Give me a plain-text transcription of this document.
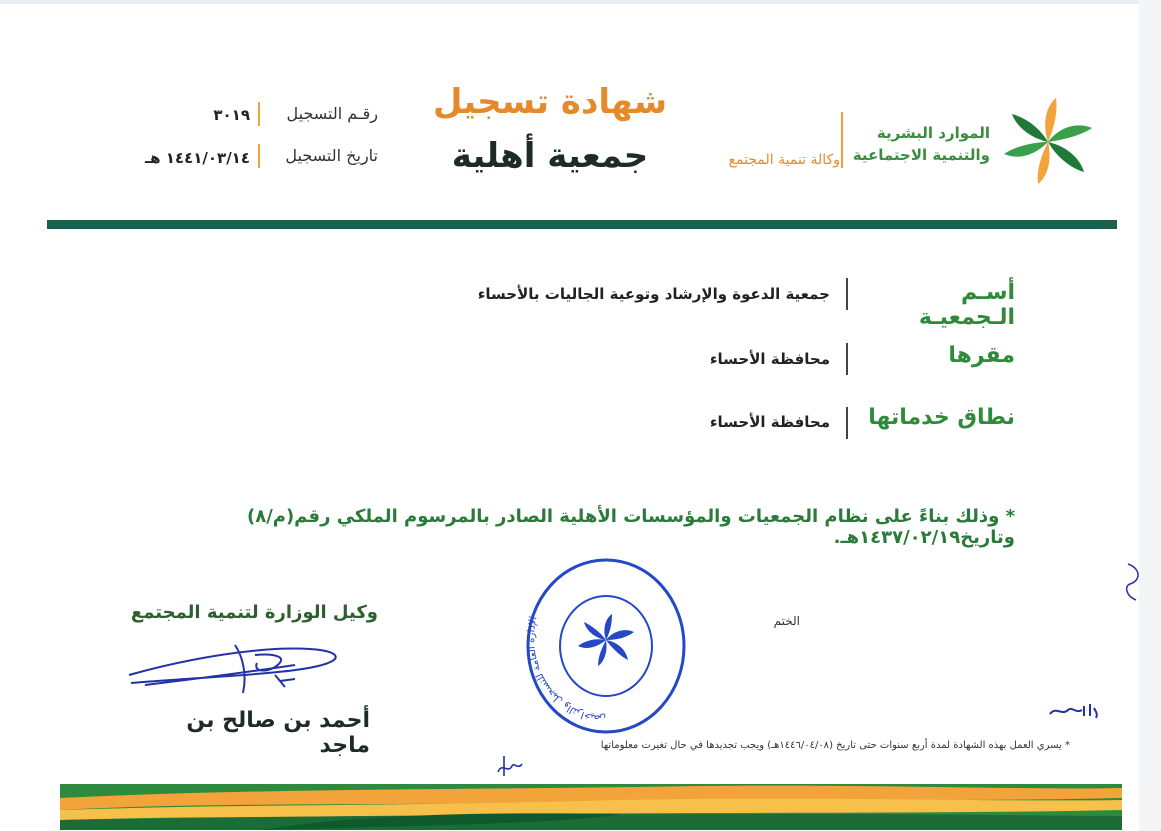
الموارد البشرية
والتنمية الاجتماعية
وكالة تنمية المجتمع
شهادة تسجيل
جمعية أهلية
رقـم التسجيل
٣٠١٩
تاريخ التسجيل
١٤٤١/٠٣/١٤ هـ
أسـم الـجمعيـة
جمعية الدعوة والإرشاد وتوعية الجاليات بالأحساء
مقرها
محافظة الأحساء
نطاق خدماتها
محافظة الأحساء
* وذلك بناءً على نظام الجمعيات والمؤسسات الأهلية الصادر بالمرسوم الملكي رقم(م/٨) وتاريخ١٤٣٧/٠٢/١٩هـ.
الختم
الإدارة العامة للتسجيل والتراخيص
وكيل الوزارة لتنمية المجتمع
أحمد بن صالح بن ماجد	* يسري العمل بهذه الشهادة لمدة أربع سنوات حتى تاريخ (١٤٤٦/٠٤/٠٨هـ) ويجب تجديدها في حال تغيرت معلوماتها
